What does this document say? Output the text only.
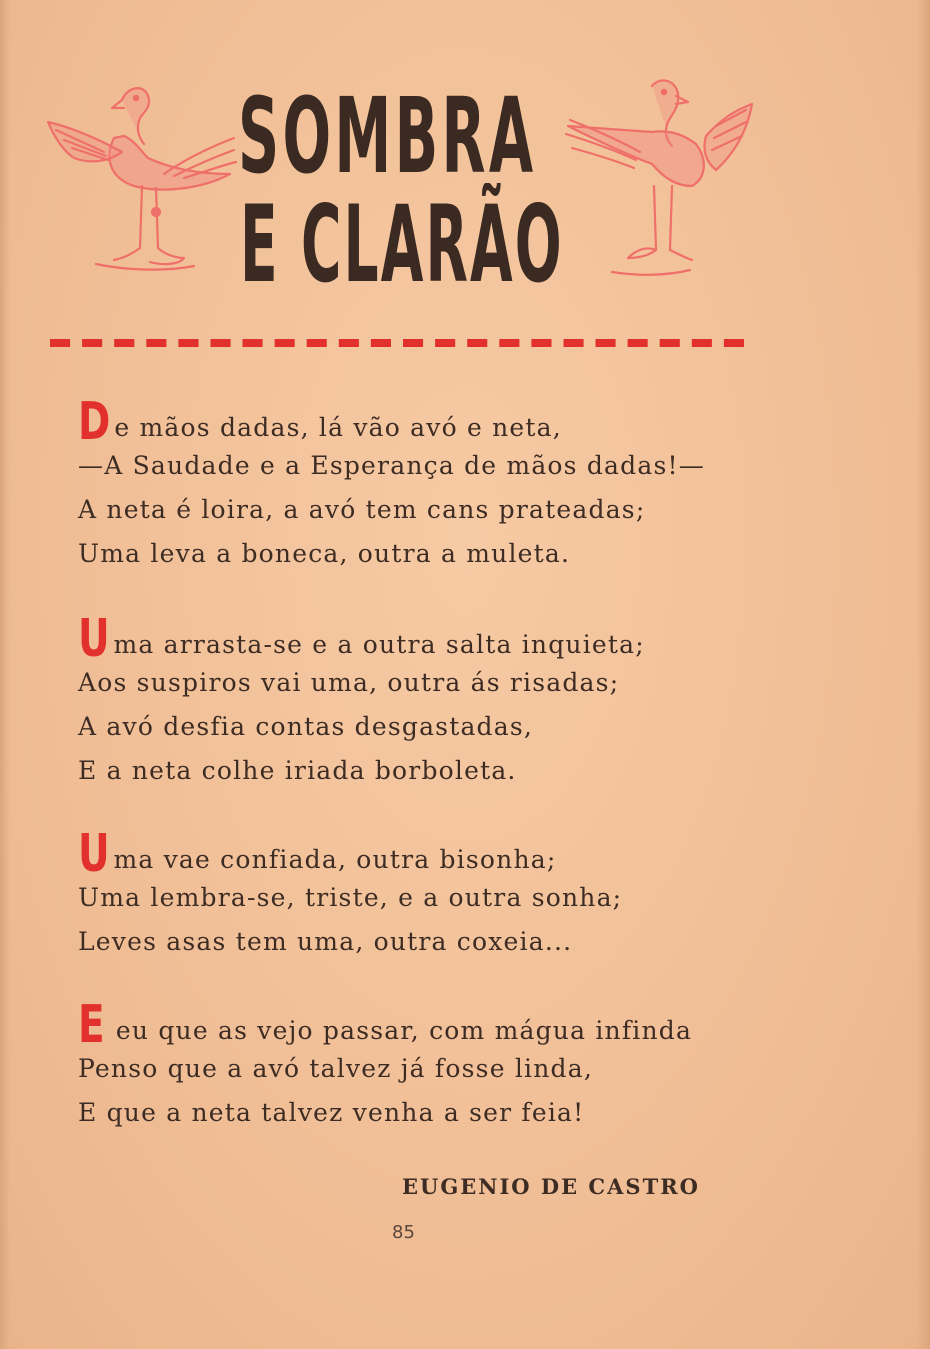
SOMBRA
E CLARÃO
De mãos dadas, lá vão avó e neta,
—A Saudade e a Esperança de mãos dadas!—
A neta é loira, a avó tem cans prateadas;
Uma leva a boneca, outra a muleta.
Uma arrasta-se e a outra salta inquieta;
Aos suspiros vai uma, outra ás risadas;
A avó desfia contas desgastadas,
E a neta colhe iriada borboleta.
Uma vae confiada, outra bisonha;
Uma lembra-se, triste, e a outra sonha;
Leves asas tem uma, outra coxeia...
E eu que as vejo passar, com mágua infinda
Penso que a avó talvez já fosse linda,
E que a neta talvez venha a ser feia!
EUGENIO DE CASTRO
85
